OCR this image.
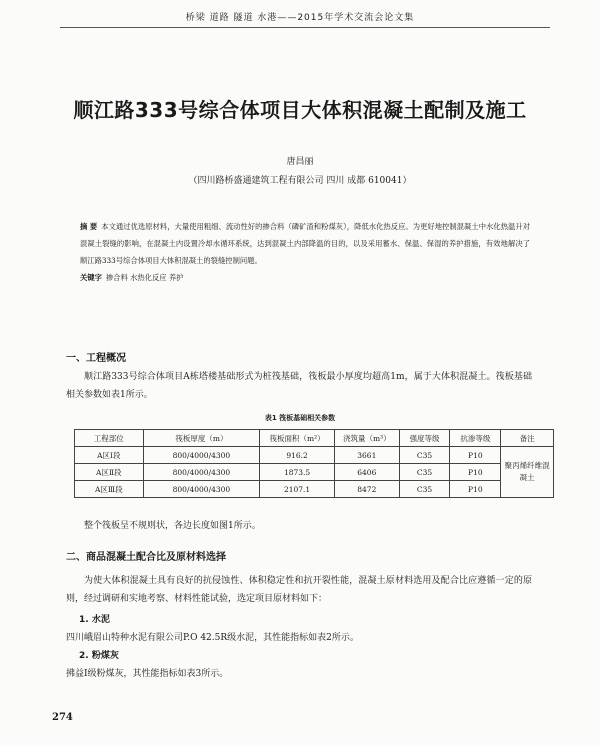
桥梁 道路 隧道 水港——2015年学术交流会论文集
顺江路333号综合体项目大体积混凝土配制及施工
唐昌丽
（四川路桥盛通建筑工程有限公司 四川 成都 610041）
摘 要 本文通过优选原材料，大量使用粗细、流动性好的掺合料（磷矿渣和粉煤灰），降低水化热反应。为更好地控制混凝土中水化热温升对混凝土裂缝的影响，在混凝土内设置冷却水循环系统，达到混凝土内部降温的目的，以及采用蓄水、保温、保湿的养护措施，有效地解决了顺江路333号综合体项目大体积混凝土的裂缝控制问题。
关键字 掺合料 水热化反应 养护
一、工程概况
顺江路333号综合体项目A栋塔楼基础形式为桩筏基础，筏板最小厚度均超高1m，属于大体积混凝土。筏板基础相关参数如表1所示。
表1 筏板基础相关参数
工程部位	筏板厚度（m）	筏板面积（m²）	浇筑量（m³）	强度等级	抗渗等级	备注
A区Ⅰ段	800/4000/4300	916.2	3661	C35	P10	聚丙烯纤维混凝土
A区Ⅱ段	800/4000/4300	1873.5	6406	C35	P10	
A区Ⅲ段	800/4000/4300	2107.1	8472	C35	P10	
整个筏板呈不规则状，各边长度如图1所示。
二、商品混凝土配合比及原材料选择
为使大体积混凝土具有良好的抗侵蚀性、体积稳定性和抗开裂性能，混凝土原材料选用及配合比应遵循一定的原则，经过调研和实地考察、材料性能试验，选定项目原材料如下：
1. 水泥
四川峨眉山特种水泥有限公司P.O 42.5R级水泥，其性能指标如表2所示。
2. 粉煤灰
拂益Ⅰ级粉煤灰，其性能指标如表3所示。
274
